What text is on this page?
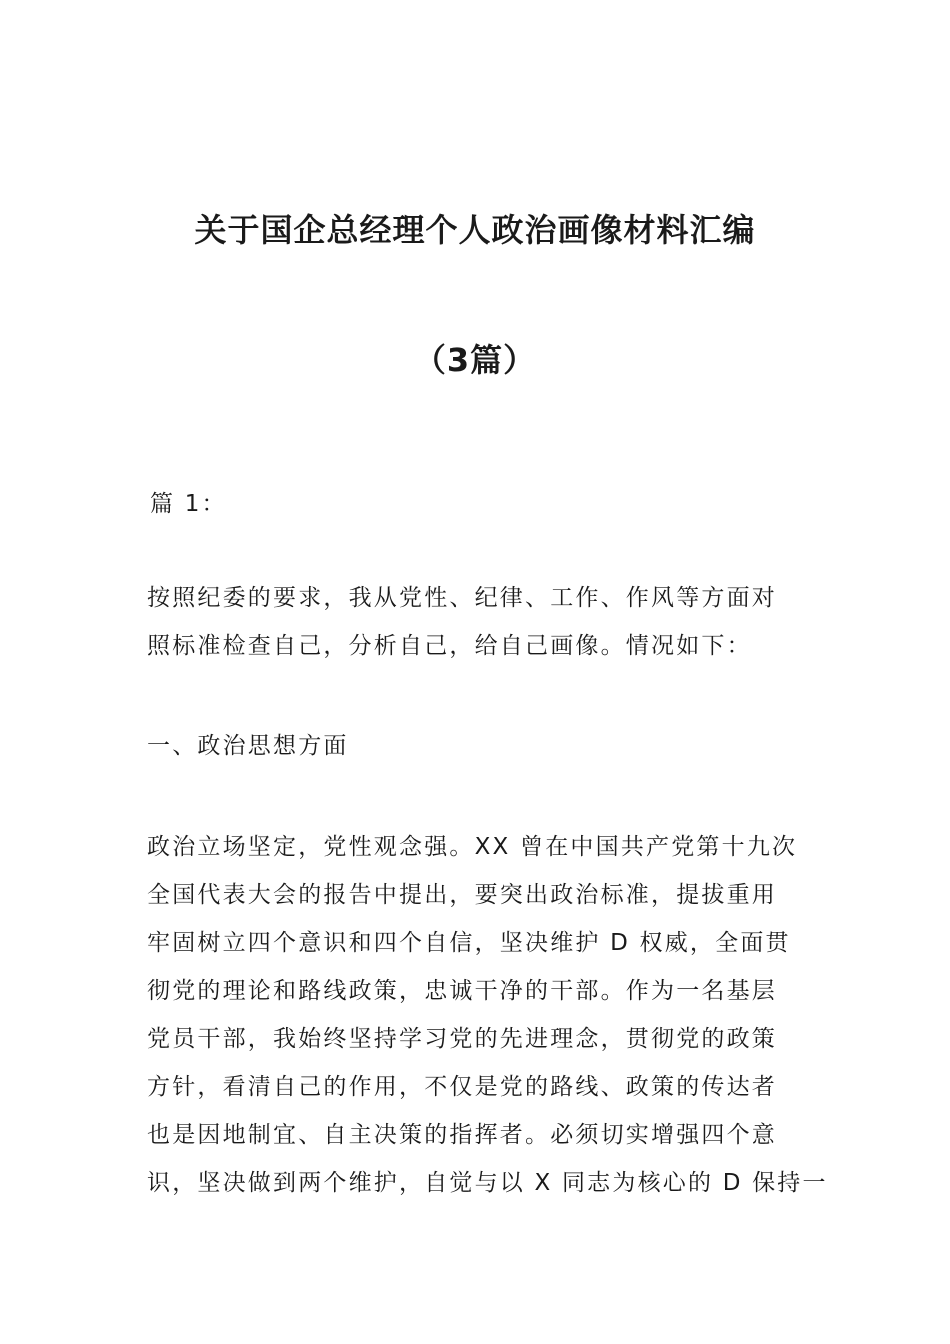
关于国企总经理个人政治画像材料汇编
（3篇）

篇 1：

按照纪委的要求，我从党性、纪律、工作、作风等方面对
照标准检查自己，分析自己，给自己画像。情况如下：

一、政治思想方面

政治立场坚定，党性观念强。XX 曾在中国共产党第十九次
全国代表大会的报告中提出，要突出政治标准，提拔重用
牢固树立四个意识和四个自信，坚决维护 D 权威，全面贯
彻党的理论和路线政策，忠诚干净的干部。作为一名基层
党员干部，我始终坚持学习党的先进理念，贯彻党的政策
方针，看清自己的作用，不仅是党的路线、政策的传达者
也是因地制宜、自主决策的指挥者。必须切实增强四个意
识，坚决做到两个维护，自觉与以 X 同志为核心的 D 保持一
